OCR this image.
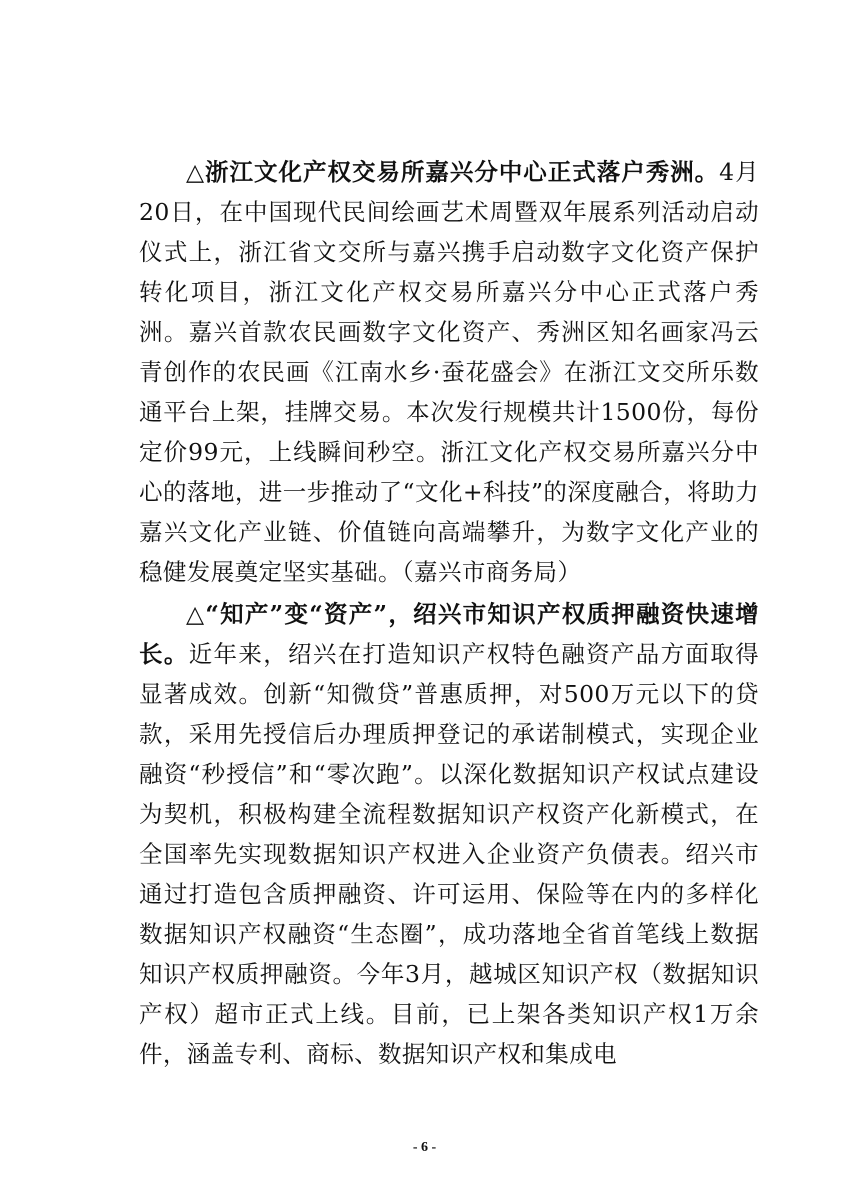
△浙江文化产权交易所嘉兴分中心正式落户秀洲。4月20日，在中国现代民间绘画艺术周暨双年展系列活动启动仪式上，浙江省文交所与嘉兴携手启动数字文化资产保护转化项目，浙江文化产权交易所嘉兴分中心正式落户秀洲。嘉兴首款农民画数字文化资产、秀洲区知名画家冯云青创作的农民画《江南水乡·蚕花盛会》在浙江文交所乐数通平台上架，挂牌交易。本次发行规模共计1500份，每份定价99元，上线瞬间秒空。浙江文化产权交易所嘉兴分中心的落地，进一步推动了“文化+科技”的深度融合，将助力嘉兴文化产业链、价值链向高端攀升，为数字文化产业的稳健发展奠定坚实基础。（嘉兴市商务局）

△“知产”变“资产”，绍兴市知识产权质押融资快速增长。近年来，绍兴在打造知识产权特色融资产品方面取得显著成效。创新“知微贷”普惠质押，对500万元以下的贷款，采用先授信后办理质押登记的承诺制模式，实现企业融资“秒授信”和“零次跑”。以深化数据知识产权试点建设为契机，积极构建全流程数据知识产权资产化新模式，在全国率先实现数据知识产权进入企业资产负债表。绍兴市通过打造包含质押融资、许可运用、保险等在内的多样化数据知识产权融资“生态圈”，成功落地全省首笔线上数据知识产权质押融资。今年3月，越城区知识产权（数据知识产权）超市正式上线。目前，已上架各类知识产权1万余件，涵盖专利、商标、数据知识产权和集成电

- 6 -
